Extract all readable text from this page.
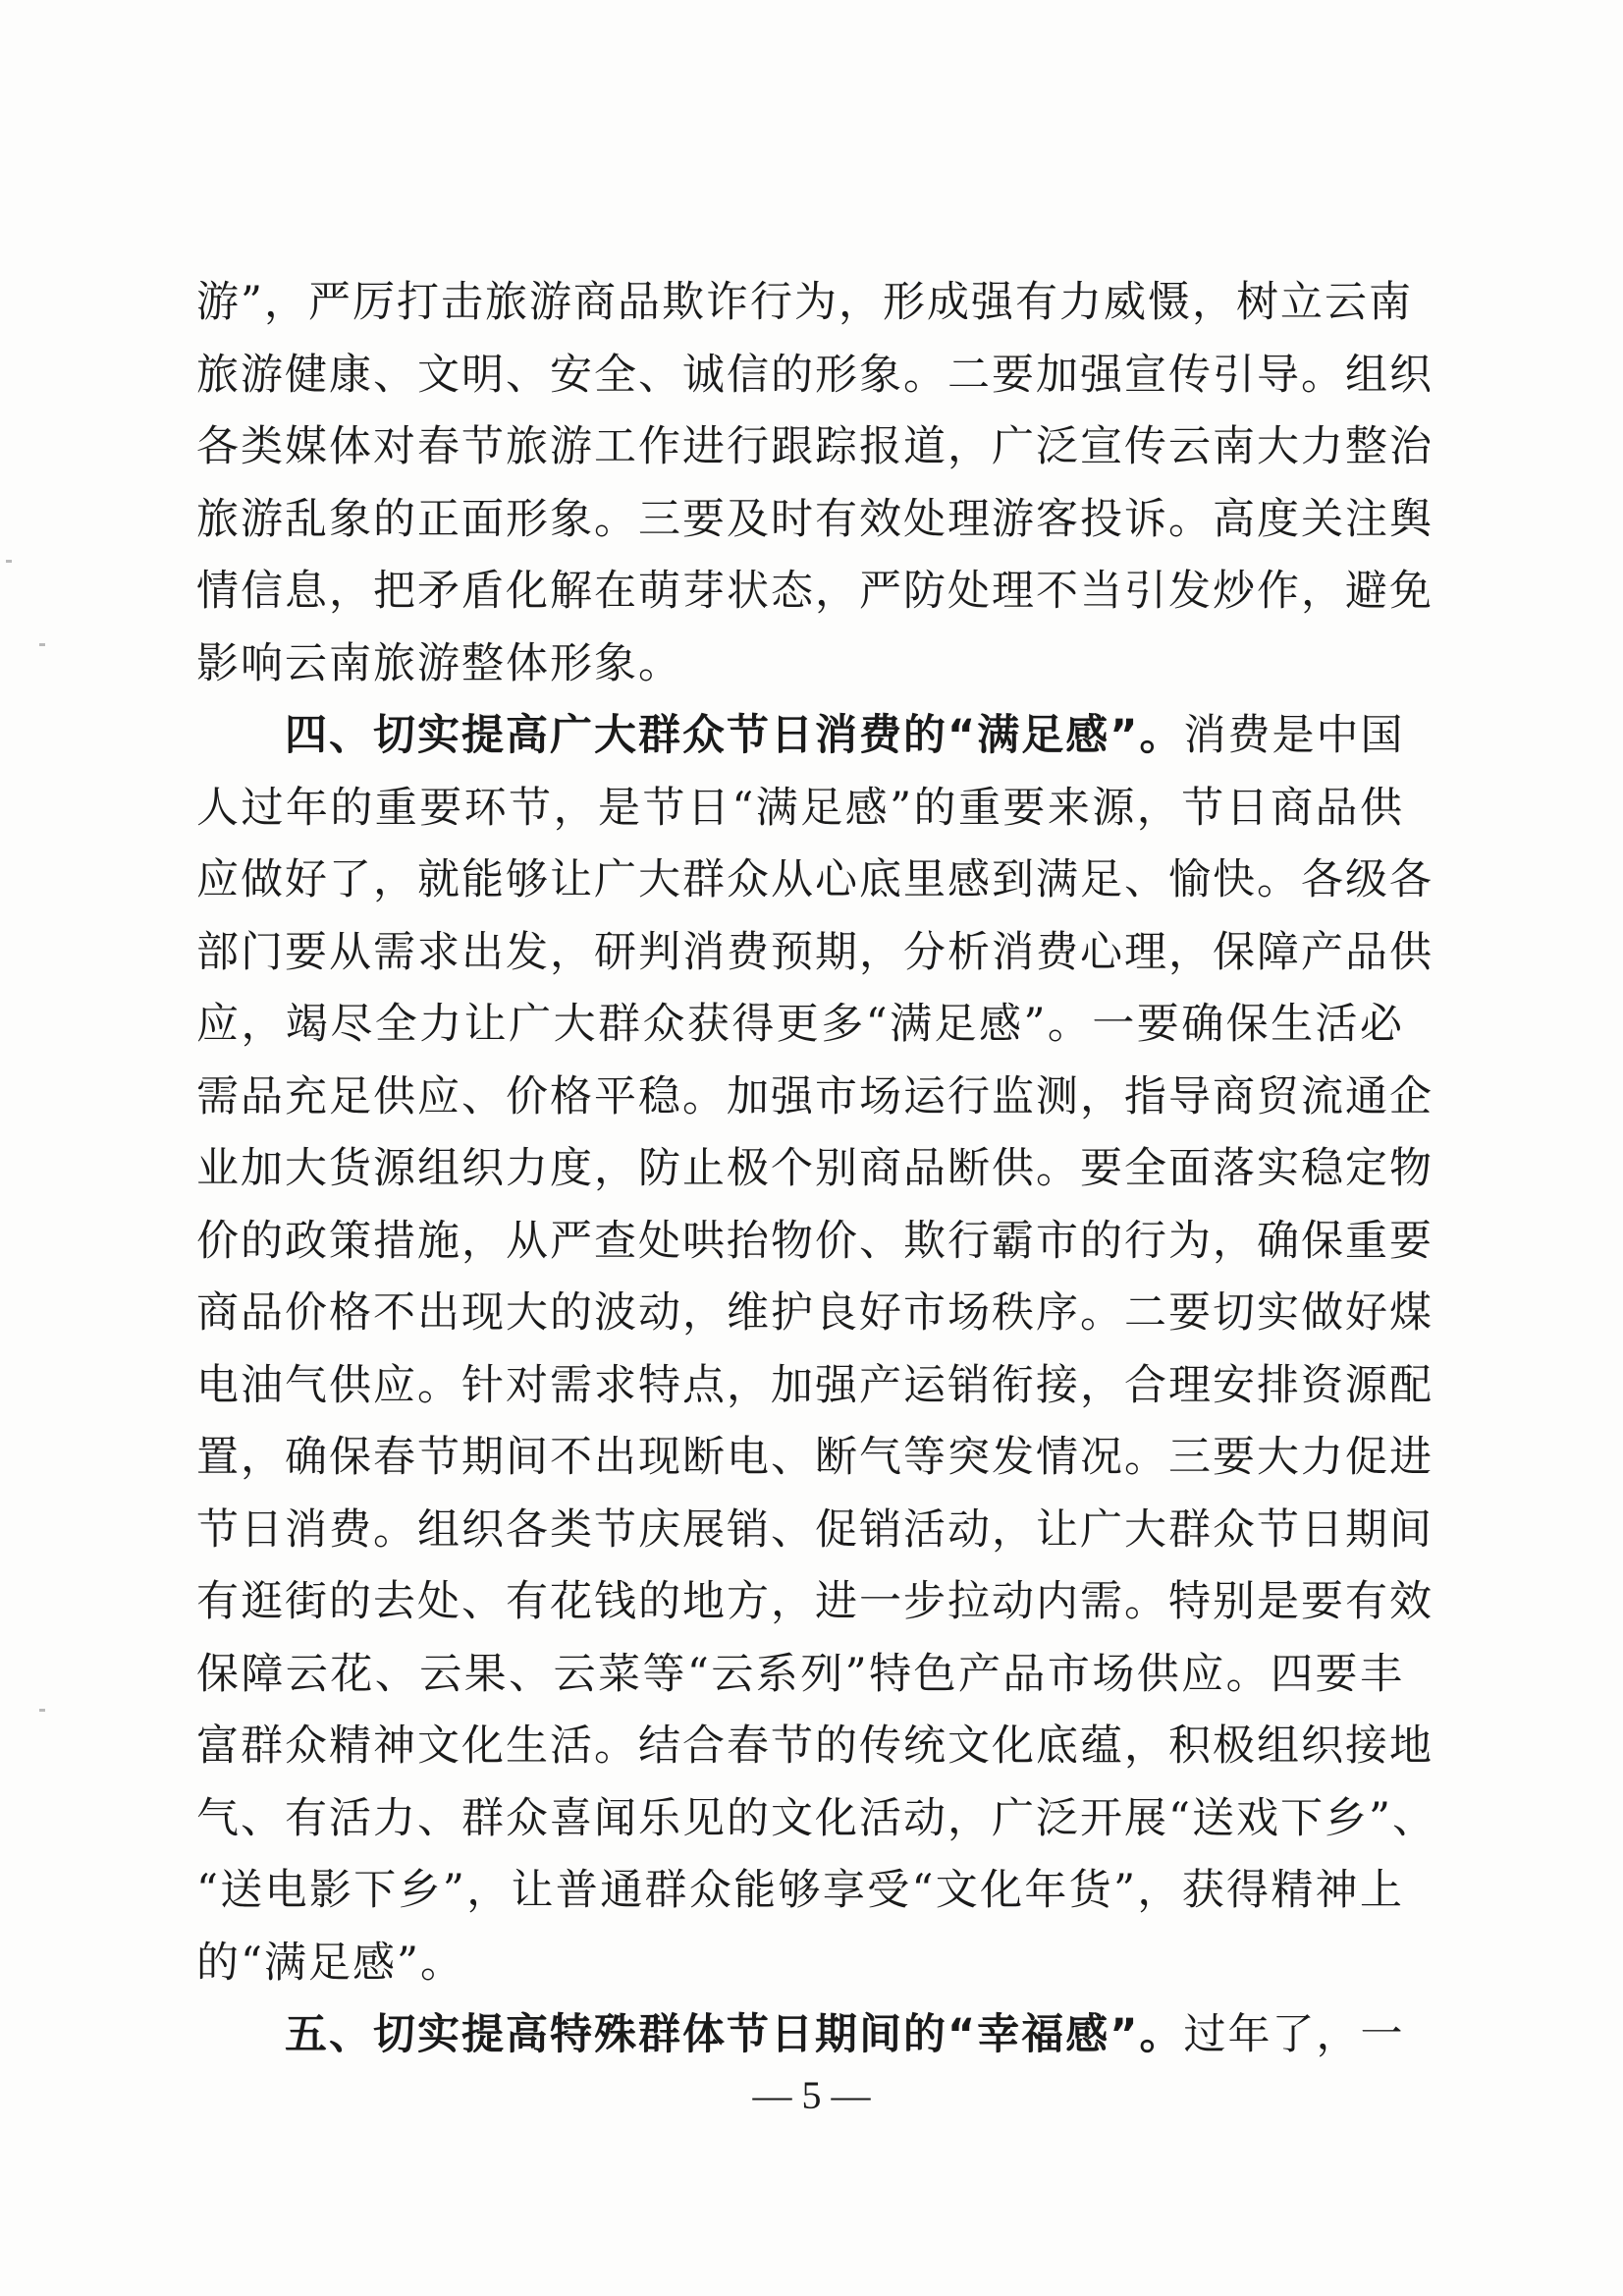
游”，严厉打击旅游商品欺诈行为，形成强有力威慑，树立云南
旅游健康、文明、安全、诚信的形象。二要加强宣传引导。组织
各类媒体对春节旅游工作进行跟踪报道，广泛宣传云南大力整治
旅游乱象的正面形象。三要及时有效处理游客投诉。高度关注舆
情信息，把矛盾化解在萌芽状态，严防处理不当引发炒作，避免
影响云南旅游整体形象。
四、切实提高广大群众节日消费的“满足感”。消费是中国
人过年的重要环节，是节日“满足感”的重要来源，节日商品供
应做好了，就能够让广大群众从心底里感到满足、愉快。各级各
部门要从需求出发，研判消费预期，分析消费心理，保障产品供
应，竭尽全力让广大群众获得更多“满足感”。一要确保生活必
需品充足供应、价格平稳。加强市场运行监测，指导商贸流通企
业加大货源组织力度，防止极个别商品断供。要全面落实稳定物
价的政策措施，从严查处哄抬物价、欺行霸市的行为，确保重要
商品价格不出现大的波动，维护良好市场秩序。二要切实做好煤
电油气供应。针对需求特点，加强产运销衔接，合理安排资源配
置，确保春节期间不出现断电、断气等突发情况。三要大力促进
节日消费。组织各类节庆展销、促销活动，让广大群众节日期间
有逛街的去处、有花钱的地方，进一步拉动内需。特别是要有效
保障云花、云果、云菜等“云系列”特色产品市场供应。四要丰
富群众精神文化生活。结合春节的传统文化底蕴，积极组织接地
气、有活力、群众喜闻乐见的文化活动，广泛开展“送戏下乡”、
“送电影下乡”，让普通群众能够享受“文化年货”，获得精神上
的“满足感”。
五、切实提高特殊群体节日期间的“幸福感”。过年了，一
— 5 —
